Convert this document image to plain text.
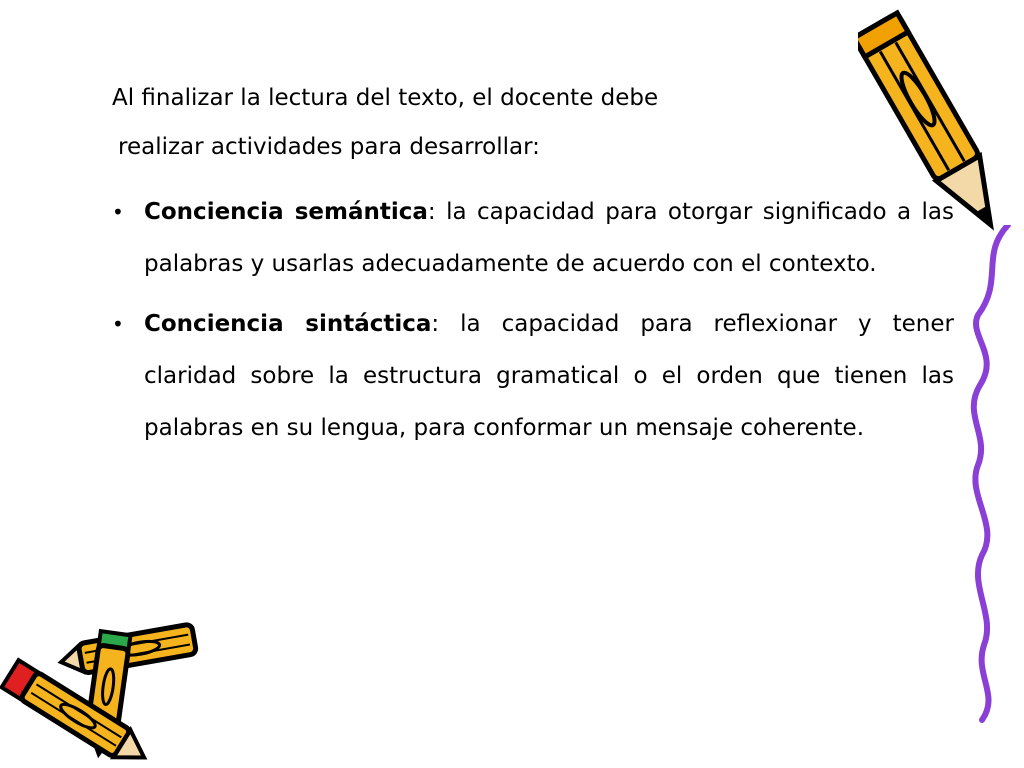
Al finalizar la lectura del texto, el docente debe
realizar actividades para desarrollar:
• Conciencia semántica: la capacidad para otorgar significado a las palabras y usarlas adecuadamente de acuerdo con el contexto.
• Conciencia sintáctica: la capacidad para reflexionar y tener claridad sobre la estructura gramatical o el orden que tienen las palabras en su lengua, para conformar un mensaje coherente.
